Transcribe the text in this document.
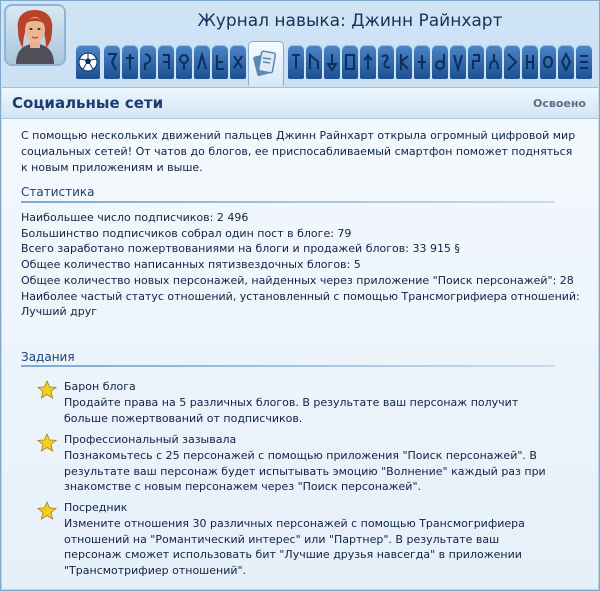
Журнал навыка: Джинн Райнхарт
Социальные сети	Освоено
С помощью нескольких движений пальцев Джинн Райнхарт открыла огромный цифровой мир социальных сетей! От чатов до блогов, ее приспосабливаемый смартфон поможет подняться к новым приложениям и выше.
Статистика
Наибольшее число подписчиков: 2 496
Большинство подписчиков собрал один пост в блоге: 79
Всего заработано пожертвованиями на блоги и продажей блогов: 33 915 §
Общее количество написанных пятизвездочных блогов: 5
Общее количество новых персонажей, найденных через приложение "Поиск персонажей": 28
Наиболее частый статус отношений, установленный с помощью Трансмогрифиера отношений: Лучший друг
Задания
Барон блога
Продайте права на 5 различных блогов. В результате ваш персонаж получит больше пожертвований от подписчиков.
Профессиональный зазывала
Познакомьтесь с 25 персонажей с помощью приложения "Поиск персонажей". В результате ваш персонаж будет испытывать эмоцию "Волнение" каждый раз при знакомстве с новым персонажем через "Поиск персонажей".
Посредник
Измените отношения 30 различных персонажей с помощью Трансмогрифиера отношений на "Романтический интерес" или "Партнер". В результате ваш персонаж сможет использовать бит "Лучшие друзья навсегда" в приложении "Трансмотрифиер отношений".
